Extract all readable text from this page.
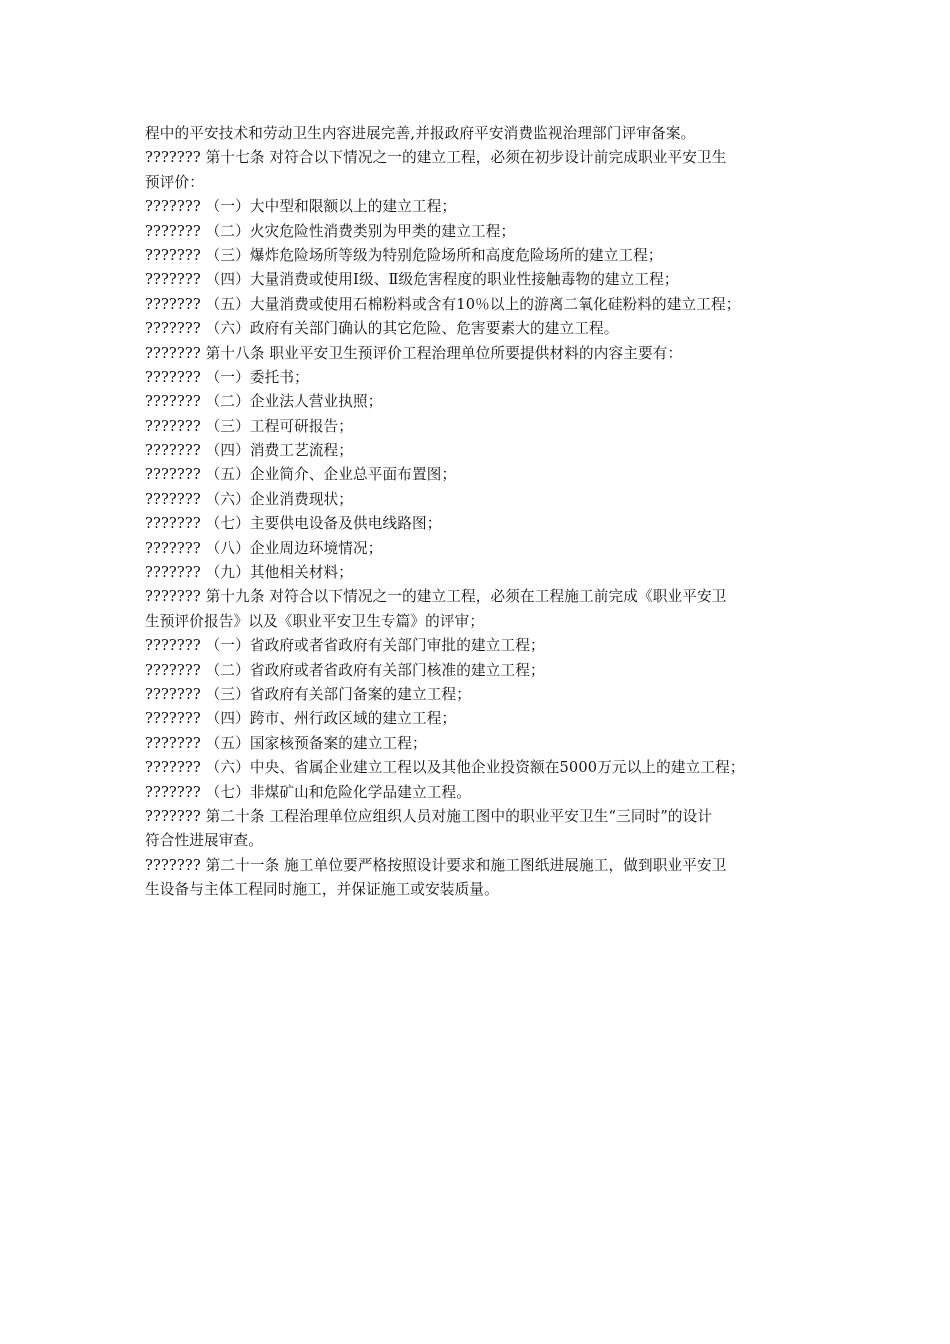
程中的平安技术和劳动卫生内容进展完善,并报政府平安消费监视治理部门评审备案。
??????? 第十七条 对符合以下情况之一的建立工程，必须在初步设计前完成职业平安卫生
预评价：
??????? （一）大中型和限额以上的建立工程；
??????? （二）火灾危险性消费类别为甲类的建立工程；
??????? （三）爆炸危险场所等级为特别危险场所和高度危险场所的建立工程；
??????? （四）大量消费或使用Ⅰ级、Ⅱ级危害程度的职业性接触毒物的建立工程；
??????? （五）大量消费或使用石棉粉料或含有10％以上的游离二氧化硅粉料的建立工程；
??????? （六）政府有关部门确认的其它危险、危害要素大的建立工程。
??????? 第十八条 职业平安卫生预评价工程治理单位所要提供材料的内容主要有：
??????? （一）委托书；
??????? （二）企业法人营业执照；
??????? （三）工程可研报告；
??????? （四）消费工艺流程；
??????? （五）企业简介、企业总平面布置图；
??????? （六）企业消费现状；
??????? （七）主要供电设备及供电线路图；
??????? （八）企业周边环境情况；
??????? （九）其他相关材料；
??????? 第十九条 对符合以下情况之一的建立工程，必须在工程施工前完成《职业平安卫
生预评价报告》以及《职业平安卫生专篇》的评审；
??????? （一）省政府或者省政府有关部门审批的建立工程；
??????? （二）省政府或者省政府有关部门核准的建立工程；
??????? （三）省政府有关部门备案的建立工程；
??????? （四）跨市、州行政区域的建立工程；
??????? （五）国家核预备案的建立工程；
??????? （六）中央、省属企业建立工程以及其他企业投资额在5000万元以上的建立工程；
??????? （七）非煤矿山和危险化学品建立工程。
??????? 第二十条 工程治理单位应组织人员对施工图中的职业平安卫生“三同时”的设计
符合性进展审查。
??????? 第二十一条 施工单位要严格按照设计要求和施工图纸进展施工，做到职业平安卫
生设备与主体工程同时施工，并保证施工或安装质量。
